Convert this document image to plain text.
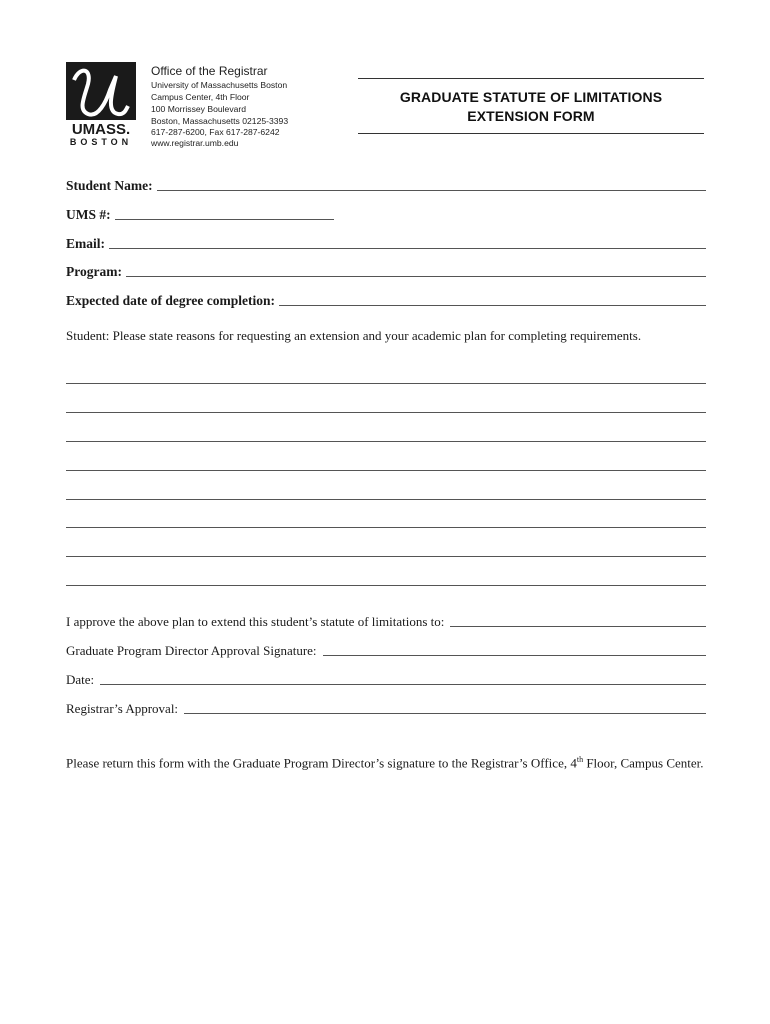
UMASS.
BOSTON
Office of the Registrar
University of Massachusetts Boston
Campus Center, 4th Floor
100 Morrissey Boulevard
Boston, Massachusetts 02125-3393
617-287-6200, Fax 617-287-6242
www.registrar.umb.edu
GRADUATE STATUTE OF LIMITATIONS
EXTENSION FORM
Student Name:
UMS #:
Email:
Program:
Expected date of degree completion:
Student: Please state reasons for requesting an extension and your academic plan for completing requirements.
I approve the above plan to extend this student’s statute of limitations to:
Graduate Program Director Approval Signature:
Date:
Registrar’s Approval:
Please return this form with the Graduate Program Director’s signature to the Registrar’s Office, 4th Floor, Campus Center.
